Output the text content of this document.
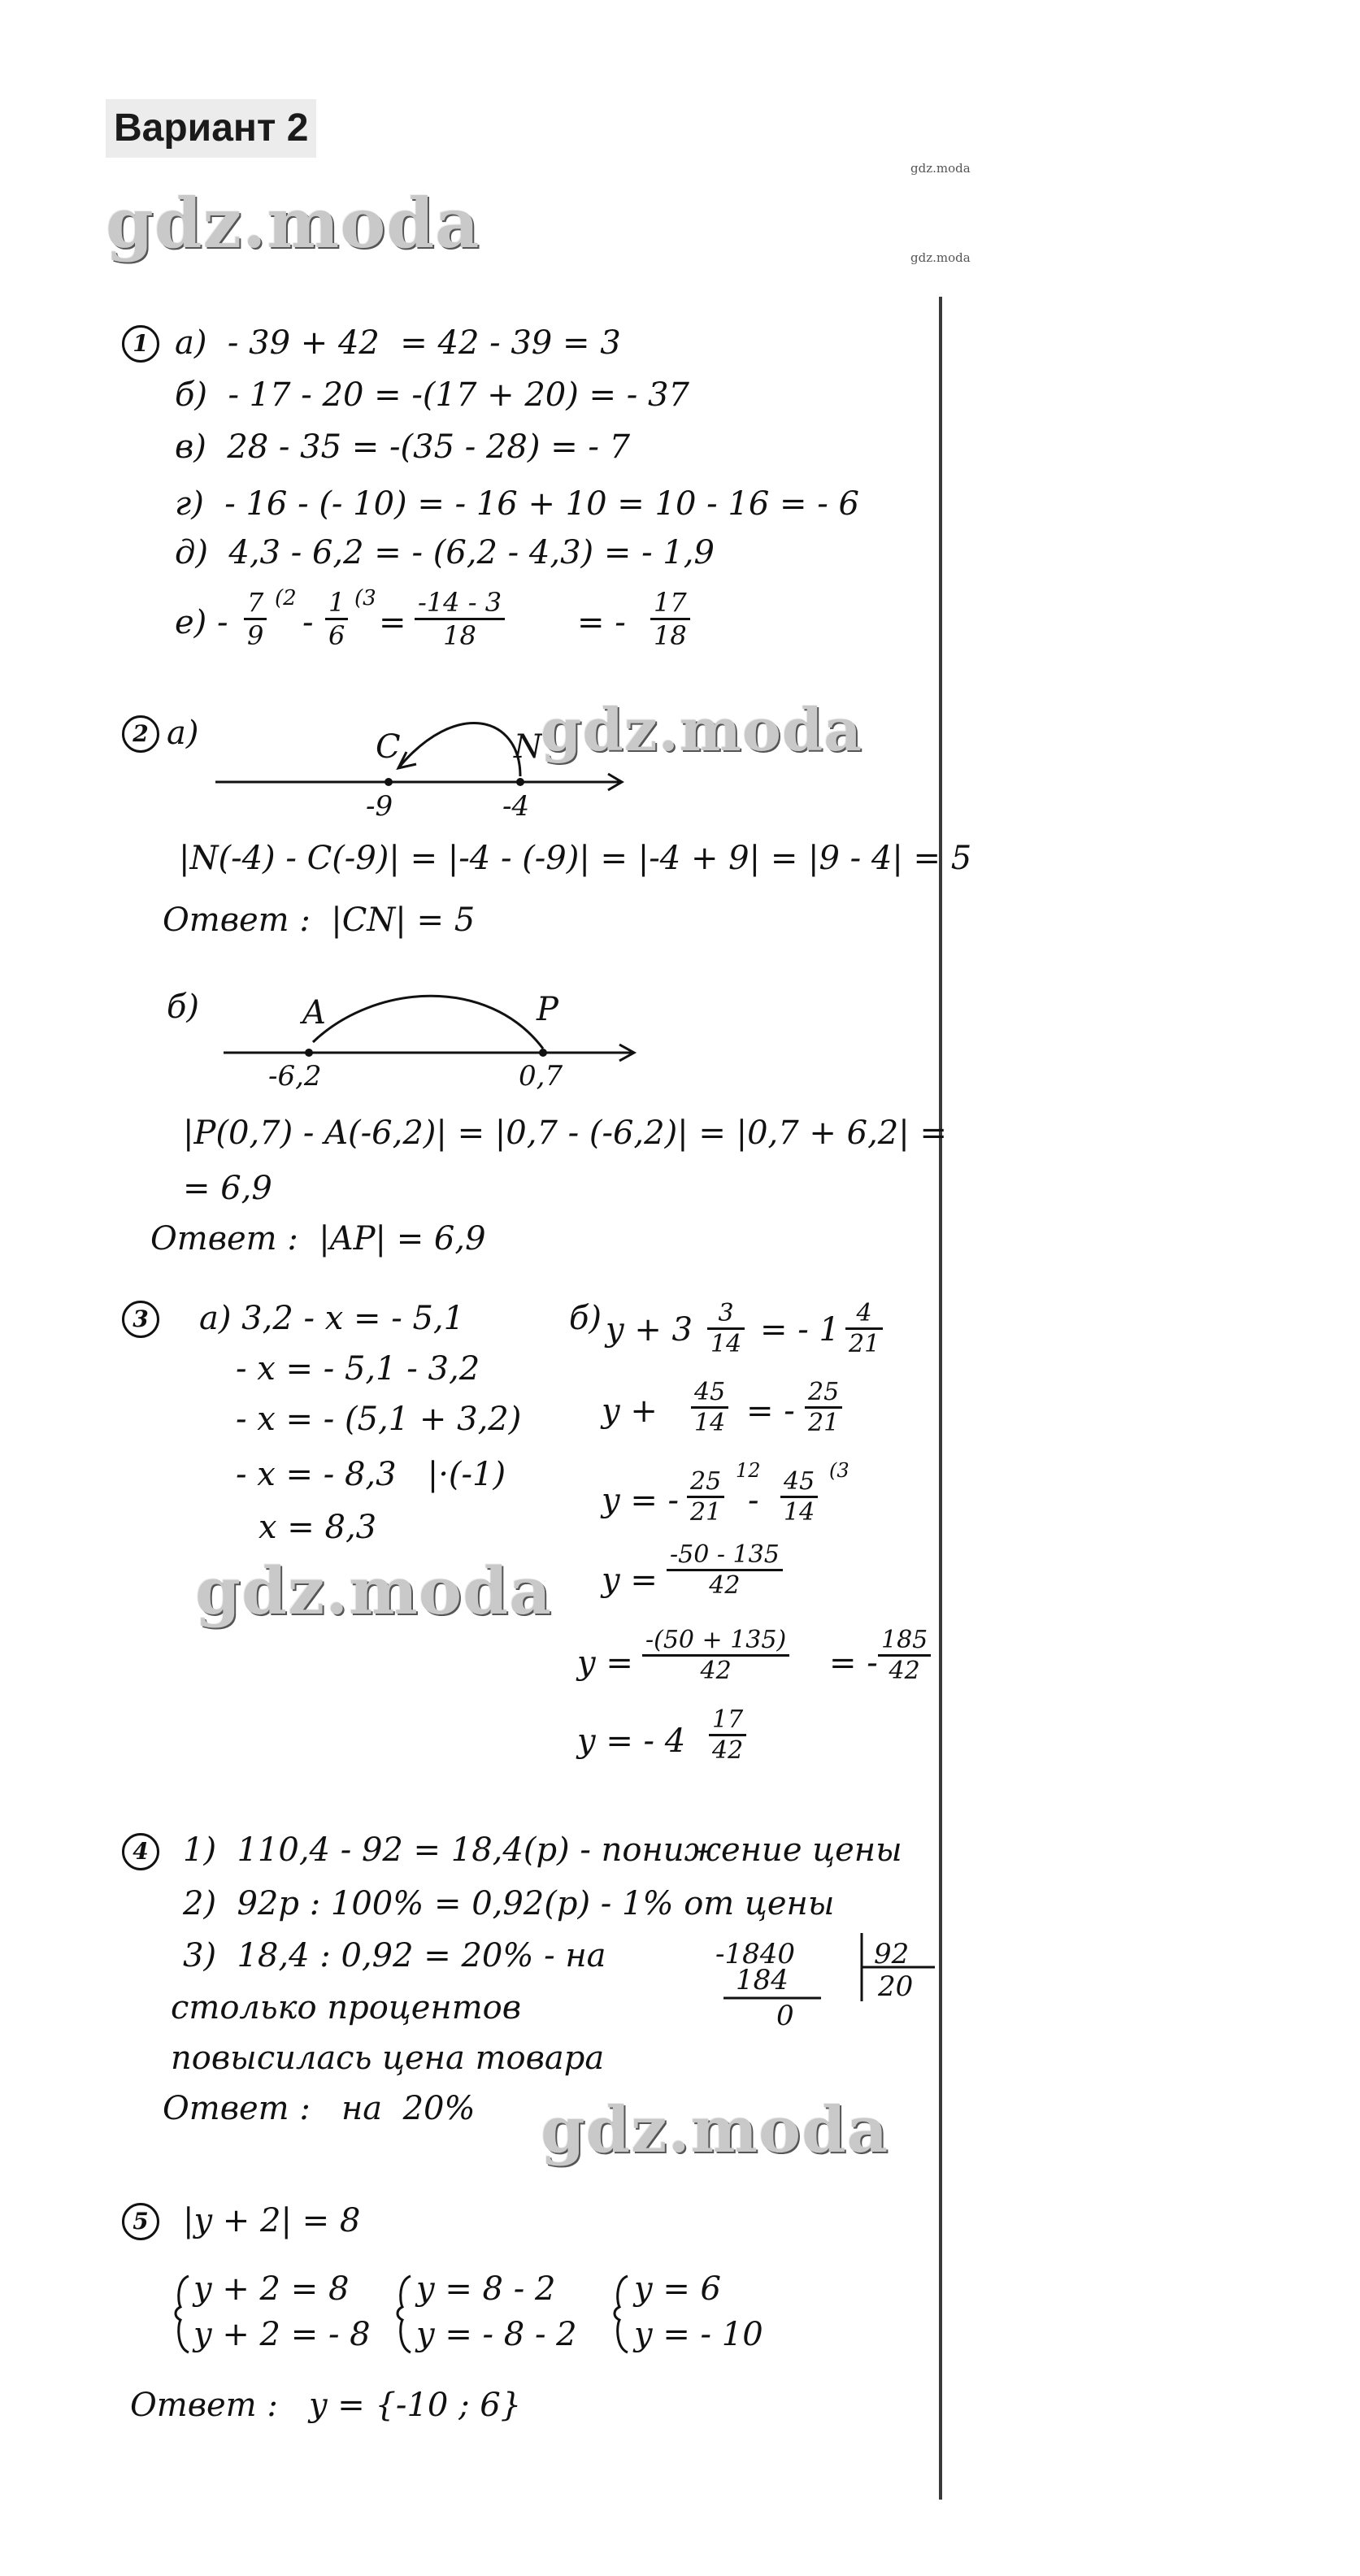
Вариант 2
gdz.moda
gdz.moda
gdz.moda
1 а)  - 39 + 42  = 42 - 39 = 3
б)  - 17 - 20 = -(17 + 20) = - 37
в)  28 - 35 = -(35 - 28) = - 7
г)  - 16 - (- 10) = - 16 + 10 = 10 - 16 = - 6
д)  4,3 - 6,2 = - (6,2 - 4,3) = - 1,9
$е) - \frac{7}{9} (2$
- $\frac{1}{6} (3$
= $\frac{-14 - 3}{18}$ = - $\frac{17}{18}$
2 а)	C	N
-9	-4
gdz.moda
|N(-4) - C(-9)| = |-4 - (-9)| = |-4 + 9| = |9 - 4| = 5
Ответ :  |CN| = 5
б)	A	P
-6,2	0,7
|P(0,7) - A(-6,2)| = |0,7 - (-6,2)| = |0,7 + 6,2| =
= 6,9
Ответ :  |AP| = 6,9
3	а) 3,2 - x = - 5,1
- x = - 5,1 - 3,2
- x = - (5,1 + 3,2)
- x = - 8,3   |·(-1)
x = 8,3
б) $y + 3 \frac{3}{14}$ = - $1 \frac{4}{21}$
$y + \frac{45}{14}$ = - $\frac{25}{21}$
y = - $\frac{25}{21} 12$
- $\frac{45}{14} (3$
$y = \frac{-50 - 135}{42}$
$y = \frac{-(50 + 135)}{42}$ = - $\frac{185}{42}$
y = - $4 \frac{17}{42}$
gdz.moda
4	1)  110,4 - 92 = 18,4(р) - понижение цены
2)  92р : 100% = 0,92(р) - 1% от цены
3)  18,4 : 0,92 = 20% - на
столько процентов
повысилась цена товара
Ответ :   на  20%
-1840	92
184	20
0
gdz.moda
5	|y + 2| = 8
y + 2 = 8
y + 2 = - 8
y = 8 - 2
y = - 8 - 2
y = 6
y = - 10
Ответ :   y = {-10 ; 6}
